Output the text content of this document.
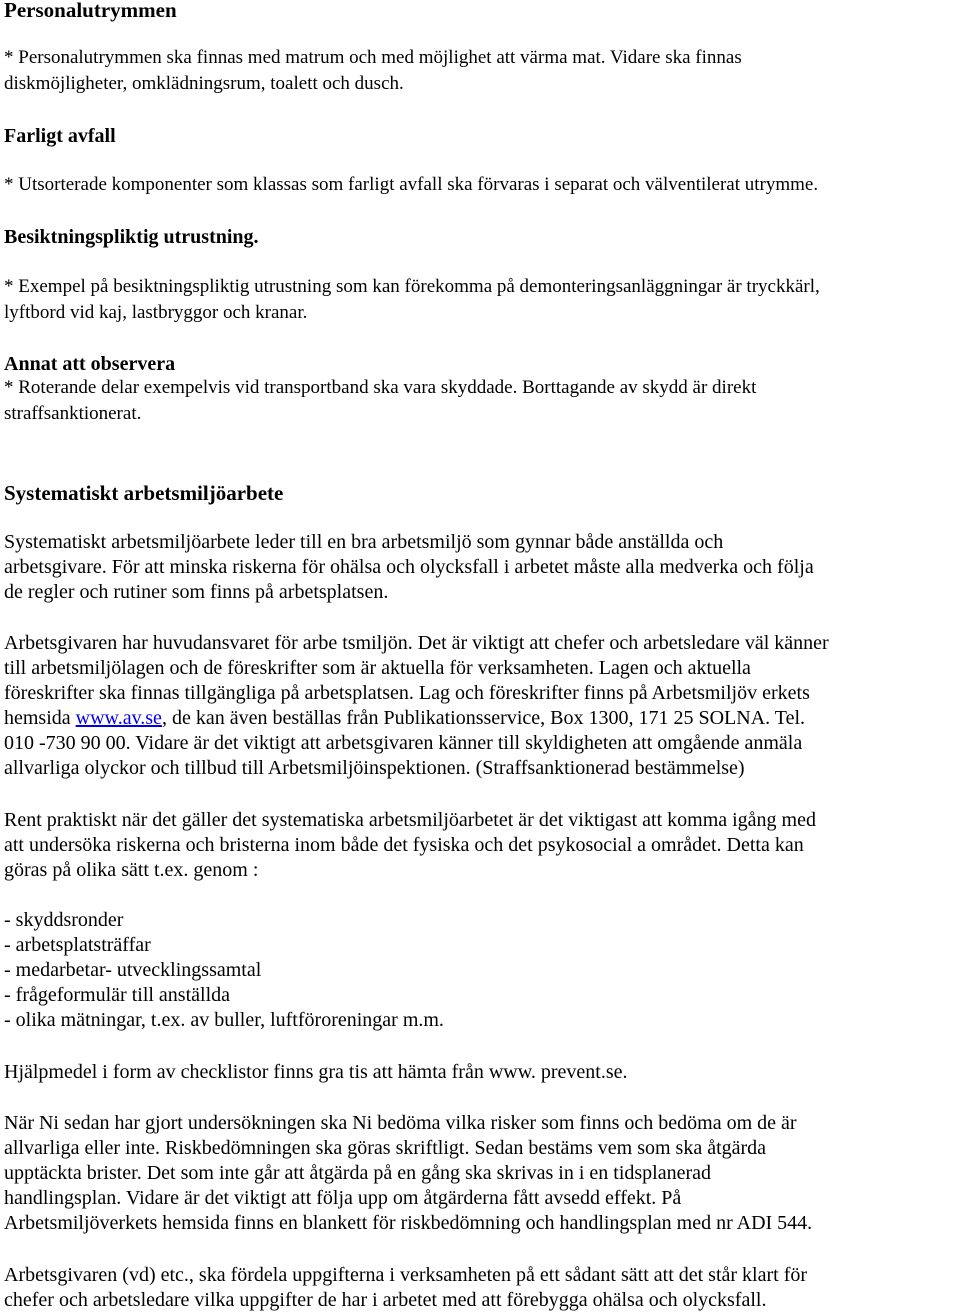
Personalutrymmen

* Personalutrymmen ska finnas med matrum och med möjlighet att värma mat. Vidare ska finnas

diskmöjligheter, omklädningsrum, toalett och dusch.

Farligt avfall

* Utsorterade komponenter som klassas som farligt avfall ska förvaras i separat och välventilerat utrymme.

Besiktningspliktig utrustning.

* Exempel på besiktningspliktig utrustning som kan förekomma på demonteringsanläggningar är tryckkärl,

lyftbord vid kaj, lastbryggor och kranar.

Annat att observera

* Roterande delar exempelvis vid transportband ska vara skyddade. Borttagande av skydd är direkt

straffsanktionerat.

Systematiskt arbetsmiljöarbete

Systematiskt arbetsmiljöarbete leder till en bra arbetsmiljö som gynnar både anställda och

arbetsgivare. För att minska riskerna för ohälsa och olycksfall i arbetet måste alla medverka och följa

de regler och rutiner som finns på arbetsplatsen.

Arbetsgivaren har huvudansvaret för arbe tsmiljön. Det är viktigt att chefer och arbetsledare väl känner

till arbetsmiljölagen och de föreskrifter som är aktuella för verksamheten. Lagen och aktuella

föreskrifter ska finnas tillgängliga på arbetsplatsen. Lag och föreskrifter finns på Arbetsmiljöv erkets

hemsida www.av.se, de kan även beställas från Publikationsservice, Box 1300, 171 25 SOLNA. Tel.

010 -730 90 00. Vidare är det viktigt att arbetsgivaren känner till skyldigheten att omgående anmäla

allvarliga olyckor och tillbud till Arbetsmiljöinspektionen. (Straffsanktionerad bestämmelse)

Rent praktiskt när det gäller det systematiska arbetsmiljöarbetet är det viktigast att komma igång med

att undersöka riskerna och bristerna inom både det fysiska och det psykosocial a området. Detta kan

göras på olika sätt t.ex. genom :

- skyddsronder

- arbetsplatsträffar

- medarbetar- utvecklingssamtal

- frågeformulär till anställda

- olika mätningar, t.ex. av buller, luftföroreningar m.m.

Hjälpmedel i form av checklistor finns gra tis att hämta från www. prevent.se.

När Ni sedan har gjort undersökningen ska Ni bedöma vilka risker som finns och bedöma om de är

allvarliga eller inte. Riskbedömningen ska göras skriftligt. Sedan bestäms vem som ska åtgärda

upptäckta brister. Det som inte går att åtgärda på en gång ska skrivas in i en tidsplanerad

handlingsplan. Vidare är det viktigt att följa upp om åtgärderna fått avsedd effekt. På

Arbetsmiljöverkets hemsida finns en blankett för riskbedömning och handlingsplan med nr ADI 544.

Arbetsgivaren (vd) etc., ska fördela uppgifterna i verksamheten på ett sådant sätt att det står klart för

chefer och arbetsledare vilka uppgifter de har i arbetet med att förebygga ohälsa och olycksfall.
